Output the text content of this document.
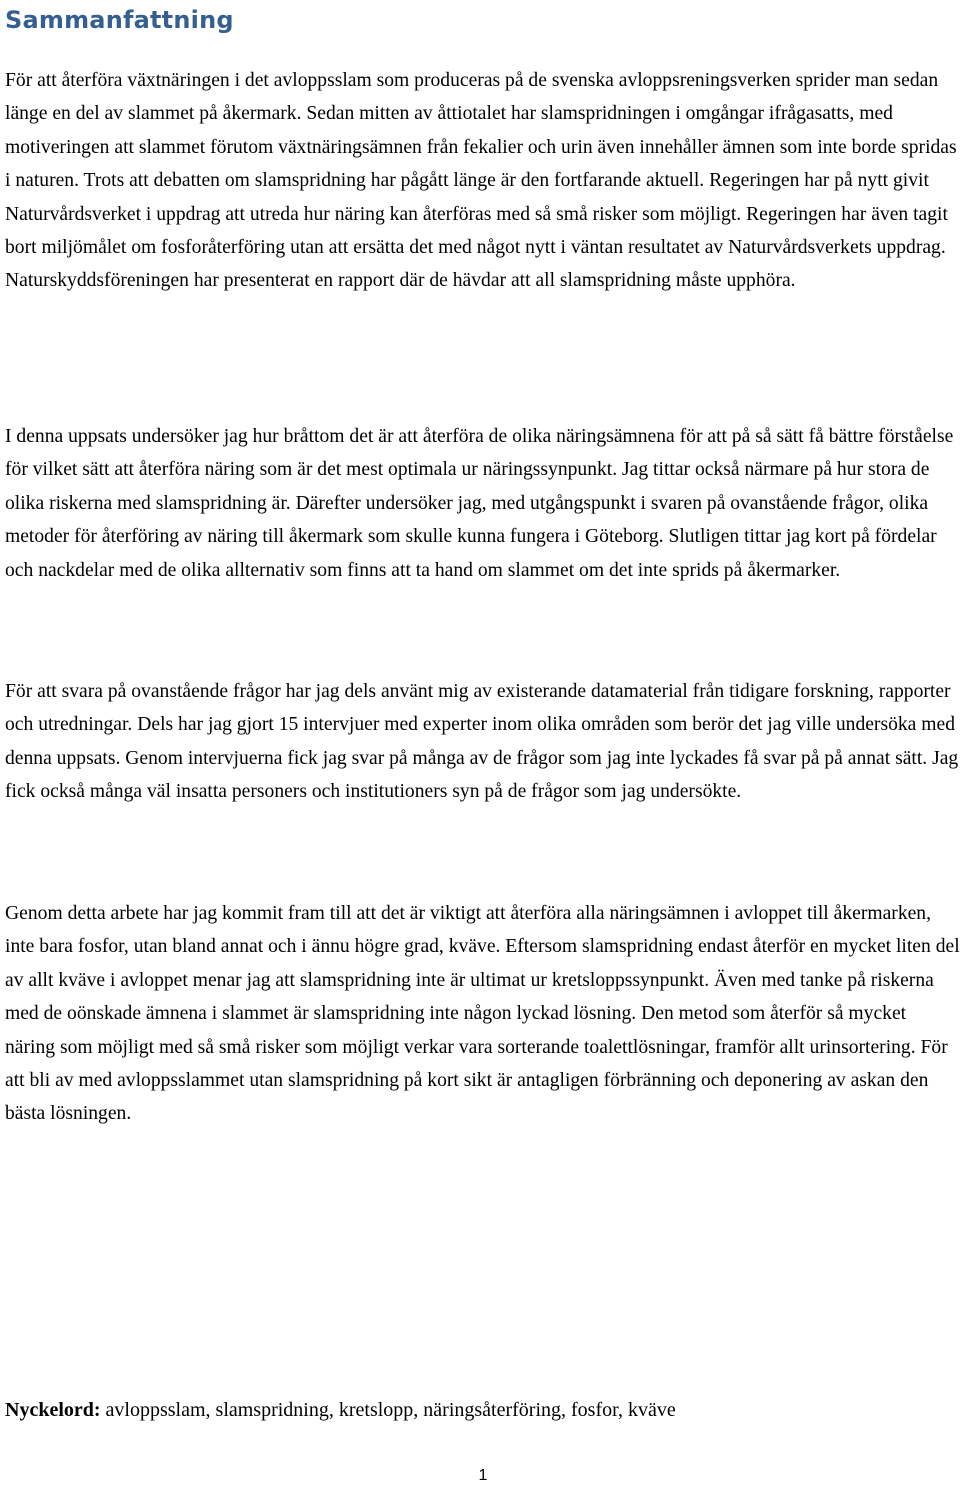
Sammanfattning

För att återföra växtnäringen i det avloppsslam som produceras på de svenska avloppsreningsverken sprider man sedan länge en del av slammet på åkermark. Sedan mitten av åttiotalet har slamspridningen i omgångar ifrågasatts, med motiveringen att slammet förutom växtnäringsämnen från fekalier och urin även innehåller ämnen som inte borde spridas i naturen. Trots att debatten om slamspridning har pågått länge är den fortfarande aktuell. Regeringen har på nytt givit Naturvårdsverket i uppdrag att utreda hur näring kan återföras med så små risker som möjligt. Regeringen har även tagit bort miljömålet om fosforåterföring utan att ersätta det med något nytt i väntan resultatet av Naturvårdsverkets uppdrag. Naturskyddsföreningen har presenterat en rapport där de hävdar att all slamspridning måste upphöra.

I denna uppsats undersöker jag hur bråttom det är att återföra de olika näringsämnena för att på så sätt få bättre förståelse för vilket sätt att återföra näring som är det mest optimala ur näringssynpunkt. Jag tittar också närmare på hur stora de olika riskerna med slamspridning är. Därefter undersöker jag, med utgångspunkt i svaren på ovanstående frågor, olika metoder för återföring av näring till åkermark som skulle kunna fungera i Göteborg. Slutligen tittar jag kort på fördelar och nackdelar med de olika allternativ som finns att ta hand om slammet om det inte sprids på åkermarker.

För att svara på ovanstående frågor har jag dels använt mig av existerande datamaterial från tidigare forskning, rapporter och utredningar. Dels har jag gjort 15 intervjuer med experter inom olika områden som berör det jag ville undersöka med denna uppsats. Genom intervjuerna fick jag svar på många av de frågor som jag inte lyckades få svar på på annat sätt. Jag fick också många väl insatta personers och institutioners syn på de frågor som jag undersökte.

Genom detta arbete har jag kommit fram till att det är viktigt att återföra alla näringsämnen i avloppet till åkermarken, inte bara fosfor, utan bland annat och i ännu högre grad, kväve. Eftersom slamspridning endast återför en mycket liten del av allt kväve i avloppet menar jag att slamspridning inte är ultimat ur kretsloppssynpunkt. Även med tanke på riskerna med de oönskade ämnena i slammet är slamspridning inte någon lyckad lösning. Den metod som återför så mycket näring som möjligt med så små risker som möjligt verkar vara sorterande toalettlösningar, framför allt urinsortering. För att bli av med avloppsslammet utan slamspridning på kort sikt är antagligen förbränning och deponering av askan den bästa lösningen.

Nyckelord: avloppsslam, slamspridning, kretslopp, näringsåterföring, fosfor, kväve

1
